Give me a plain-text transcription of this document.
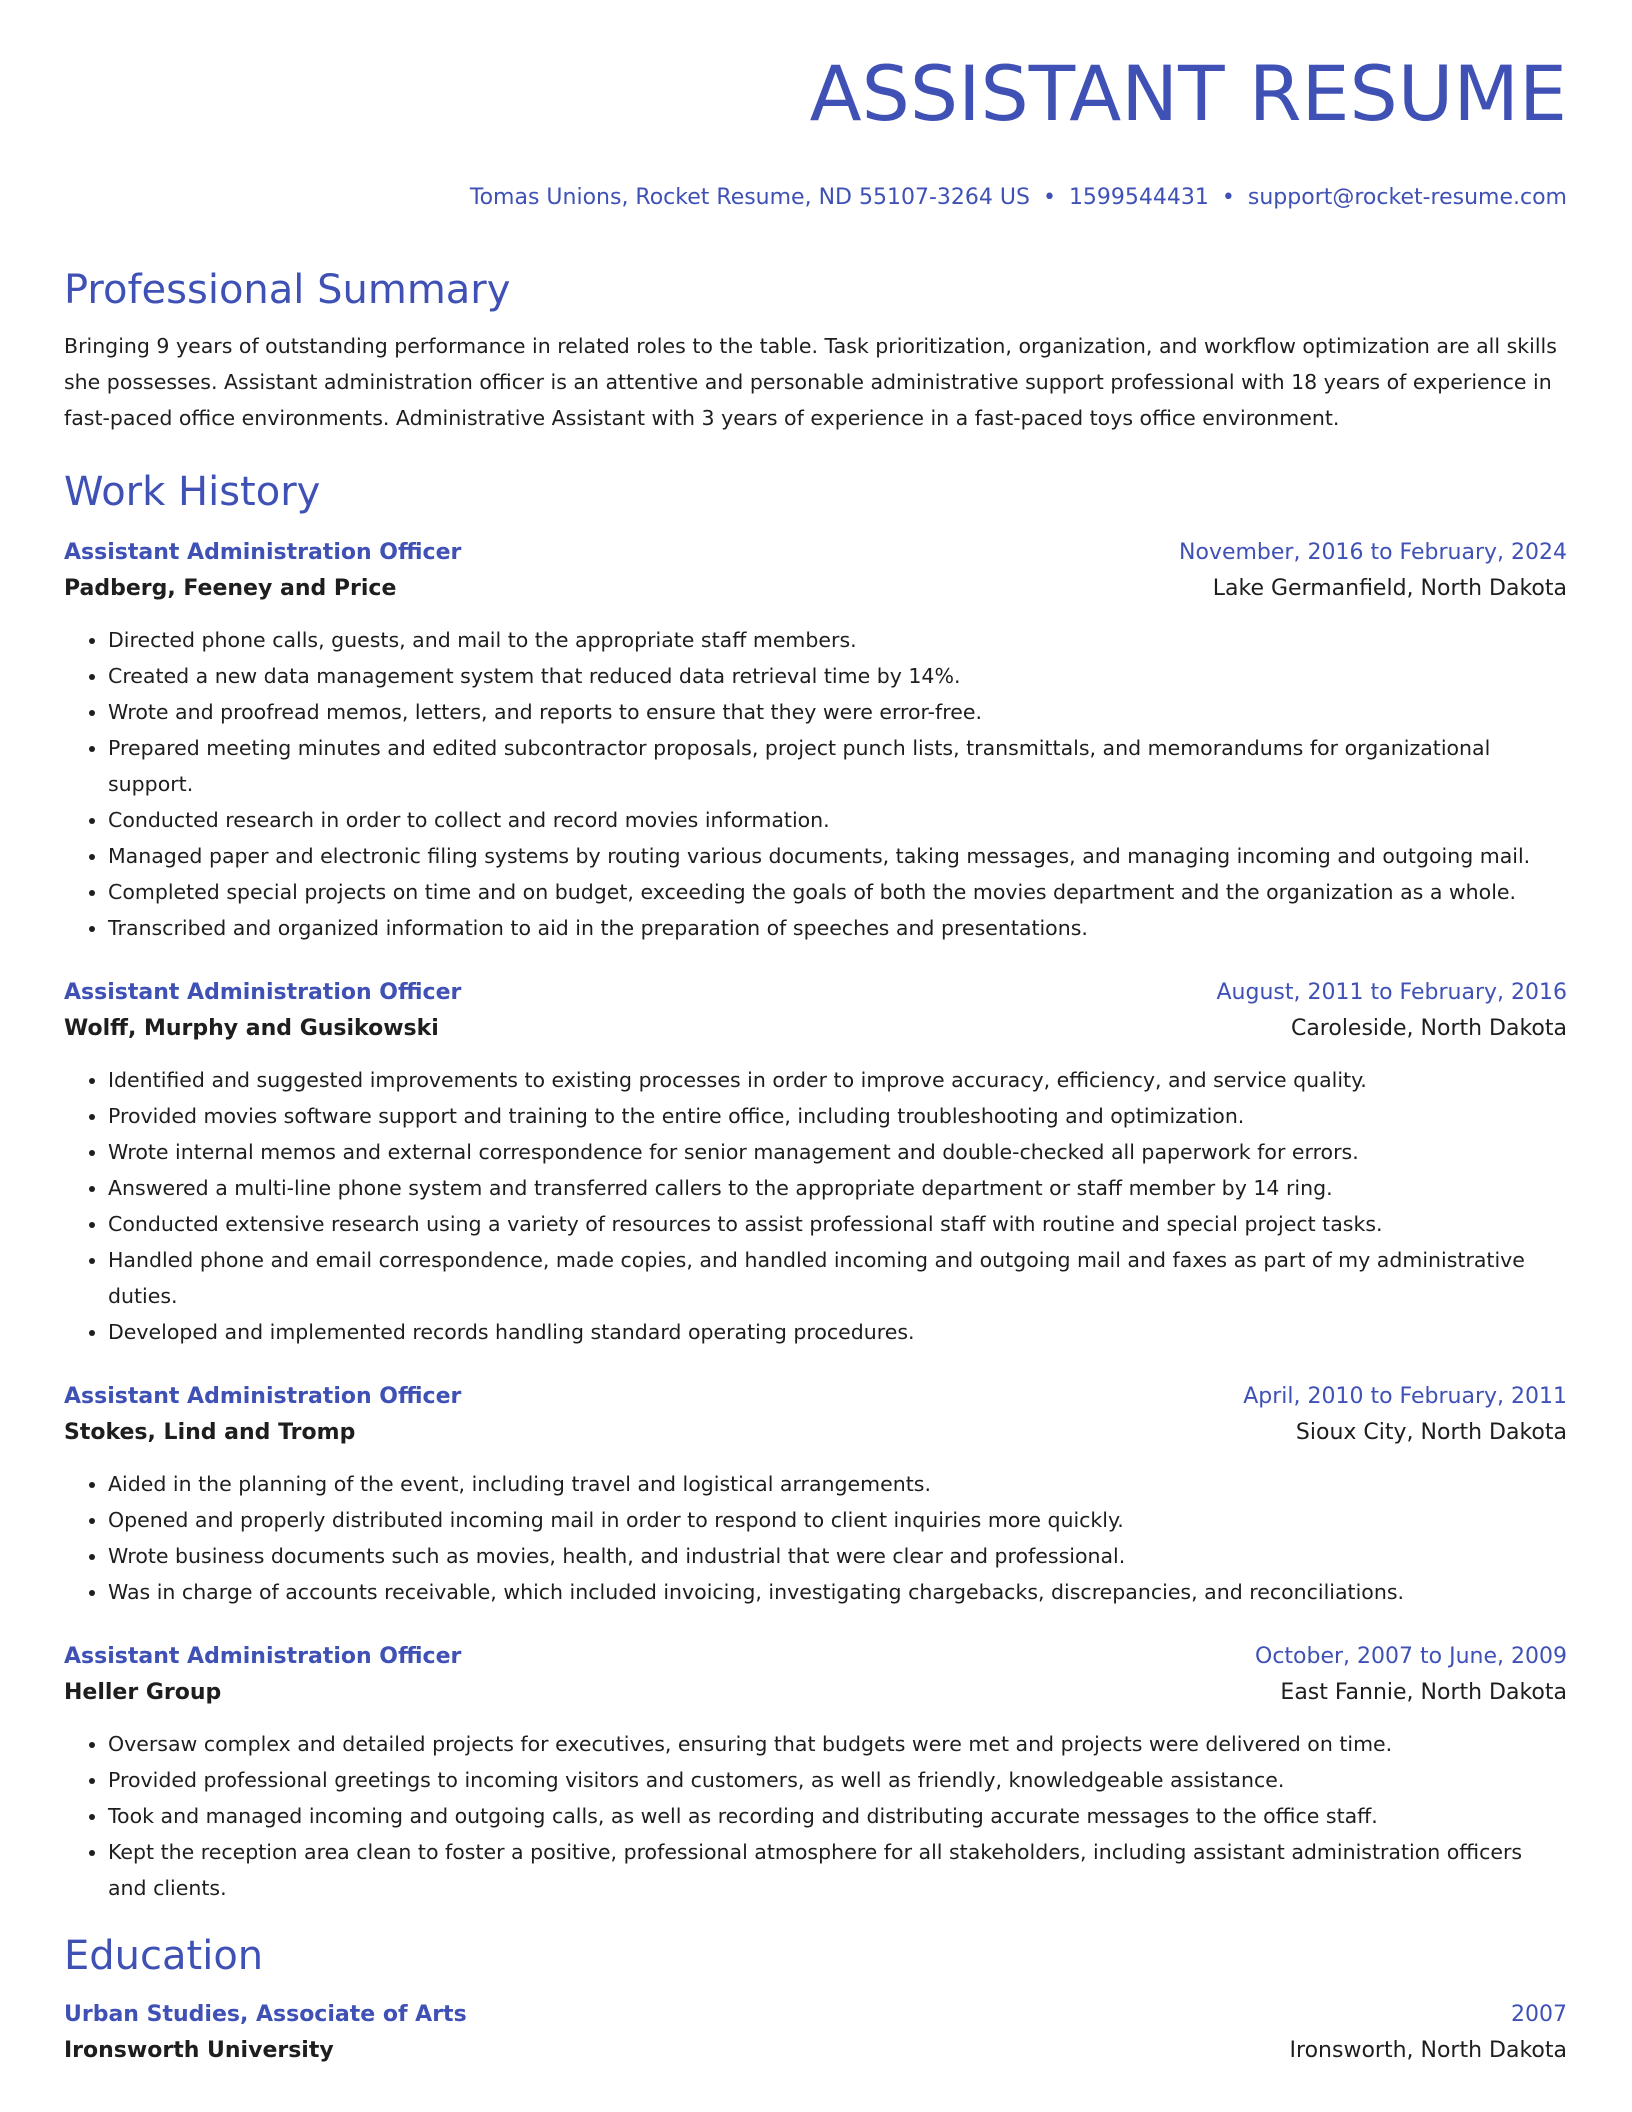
ASSISTANT RESUME
Tomas Unions, Rocket Resume, ND 55107-3264 US • 1599544431 • support@rocket-resume.com
Professional Summary

Bringing 9 years of outstanding performance in related roles to the table. Task prioritization, organization, and workflow optimization are all skills she possesses. Assistant administration officer is an attentive and personable administrative support professional with 18 years of experience in fast-paced office environments. Administrative Assistant with 3 years of experience in a fast-paced toys office environment.

Work History
Assistant Administration Officer	November, 2016 to February, 2024
Padberg, Feeney and Price	Lake Germanfield, North Dakota
• Directed phone calls, guests, and mail to the appropriate staff members.
• Created a new data management system that reduced data retrieval time by 14%.
• Wrote and proofread memos, letters, and reports to ensure that they were error-free.
• Prepared meeting minutes and edited subcontractor proposals, project punch lists, transmittals, and memorandums for organizational support.
• Conducted research in order to collect and record movies information.
• Managed paper and electronic filing systems by routing various documents, taking messages, and managing incoming and outgoing mail.
• Completed special projects on time and on budget, exceeding the goals of both the movies department and the organization as a whole.
• Transcribed and organized information to aid in the preparation of speeches and presentations.
Assistant Administration Officer	August, 2011 to February, 2016
Wolff, Murphy and Gusikowski	Caroleside, North Dakota
• Identified and suggested improvements to existing processes in order to improve accuracy, efficiency, and service quality.
• Provided movies software support and training to the entire office, including troubleshooting and optimization.
• Wrote internal memos and external correspondence for senior management and double-checked all paperwork for errors.
• Answered a multi-line phone system and transferred callers to the appropriate department or staff member by 14 ring.
• Conducted extensive research using a variety of resources to assist professional staff with routine and special project tasks.
• Handled phone and email correspondence, made copies, and handled incoming and outgoing mail and faxes as part of my administrative duties.
• Developed and implemented records handling standard operating procedures.
Assistant Administration Officer	April, 2010 to February, 2011
Stokes, Lind and Tromp	Sioux City, North Dakota
• Aided in the planning of the event, including travel and logistical arrangements.
• Opened and properly distributed incoming mail in order to respond to client inquiries more quickly.
• Wrote business documents such as movies, health, and industrial that were clear and professional.
• Was in charge of accounts receivable, which included invoicing, investigating chargebacks, discrepancies, and reconciliations.
Assistant Administration Officer	October, 2007 to June, 2009
Heller Group	East Fannie, North Dakota
• Oversaw complex and detailed projects for executives, ensuring that budgets were met and projects were delivered on time.
• Provided professional greetings to incoming visitors and customers, as well as friendly, knowledgeable assistance.
• Took and managed incoming and outgoing calls, as well as recording and distributing accurate messages to the office staff.
• Kept the reception area clean to foster a positive, professional atmosphere for all stakeholders, including assistant administration officers and clients.
Education
Urban Studies, Associate of Arts	2007
Ironsworth University	Ironsworth, North Dakota
